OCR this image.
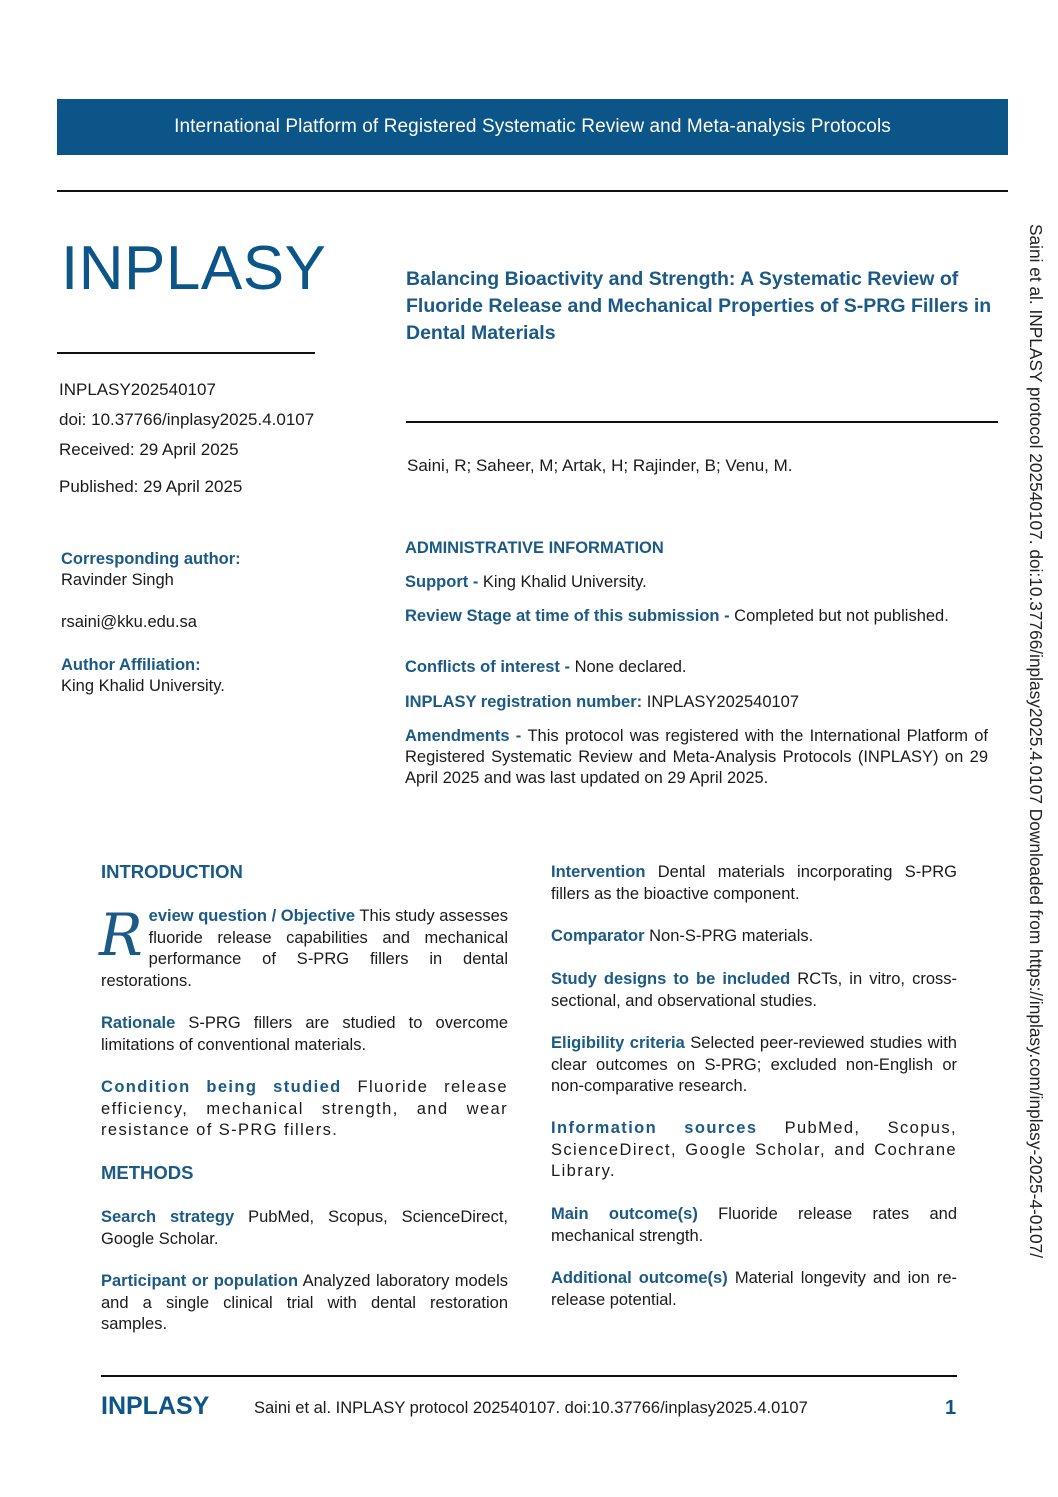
International Platform of Registered Systematic Review and Meta-analysis Protocols
INPLASY	Balancing Bioactivity and Strength: A Systematic Review of Fluoride Release and Mechanical Properties of S-PRG Fillers in Dental Materials
INPLASY202540107
doi: 10.37766/inplasy2025.4.0107
Received: 29 April 2025
Published: 29 April 2025
Saini, R; Saheer, M; Artak, H; Rajinder, B; Venu, M.
Corresponding author:
Ravinder Singh
rsaini@kku.edu.sa
Author Affiliation:
King Khalid University.
ADMINISTRATIVE INFORMATION
Support - King Khalid University.
Review Stage at time of this submission - Completed but not published.
Conflicts of interest - None declared.
INPLASY registration number: INPLASY202540107
Amendments - This protocol was registered with the International Platform of Registered Systematic Review and Meta-Analysis Protocols (INPLASY) on 29 April 2025 and was last updated on 29 April 2025.
INTRODUCTION
Review question / Objective This study assesses fluoride release capabilities and mechanical performance of S-PRG fillers in dental restorations.
Rationale S-PRG fillers are studied to overcome limitations of conventional materials.
Condition being studied Fluoride release efficiency, mechanical strength, and wear resistance of S-PRG fillers.
METHODS
Search strategy PubMed, Scopus, ScienceDirect, Google Scholar.
Participant or population Analyzed laboratory models and a single clinical trial with dental restoration samples.
Intervention Dental materials incorporating S-PRG fillers as the bioactive component.
Comparator Non-S-PRG materials.
Study designs to be included RCTs, in vitro, cross-sectional, and observational studies.
Eligibility criteria Selected peer-reviewed studies with clear outcomes on S-PRG; excluded non-English or non-comparative research.
Information sources PubMed, Scopus, ScienceDirect, Google Scholar, and Cochrane Library.
Main outcome(s) Fluoride release rates and mechanical strength.
Additional outcome(s) Material longevity and ion re-release potential.
Saini et al. INPLASY protocol 202540107. doi:10.37766/inplasy2025.4.0107 Downloaded from https://inplasy.com/inplasy-2025-4-0107/
INPLASY	Saini et al. INPLASY protocol 202540107. doi:10.37766/inplasy2025.4.0107	1
